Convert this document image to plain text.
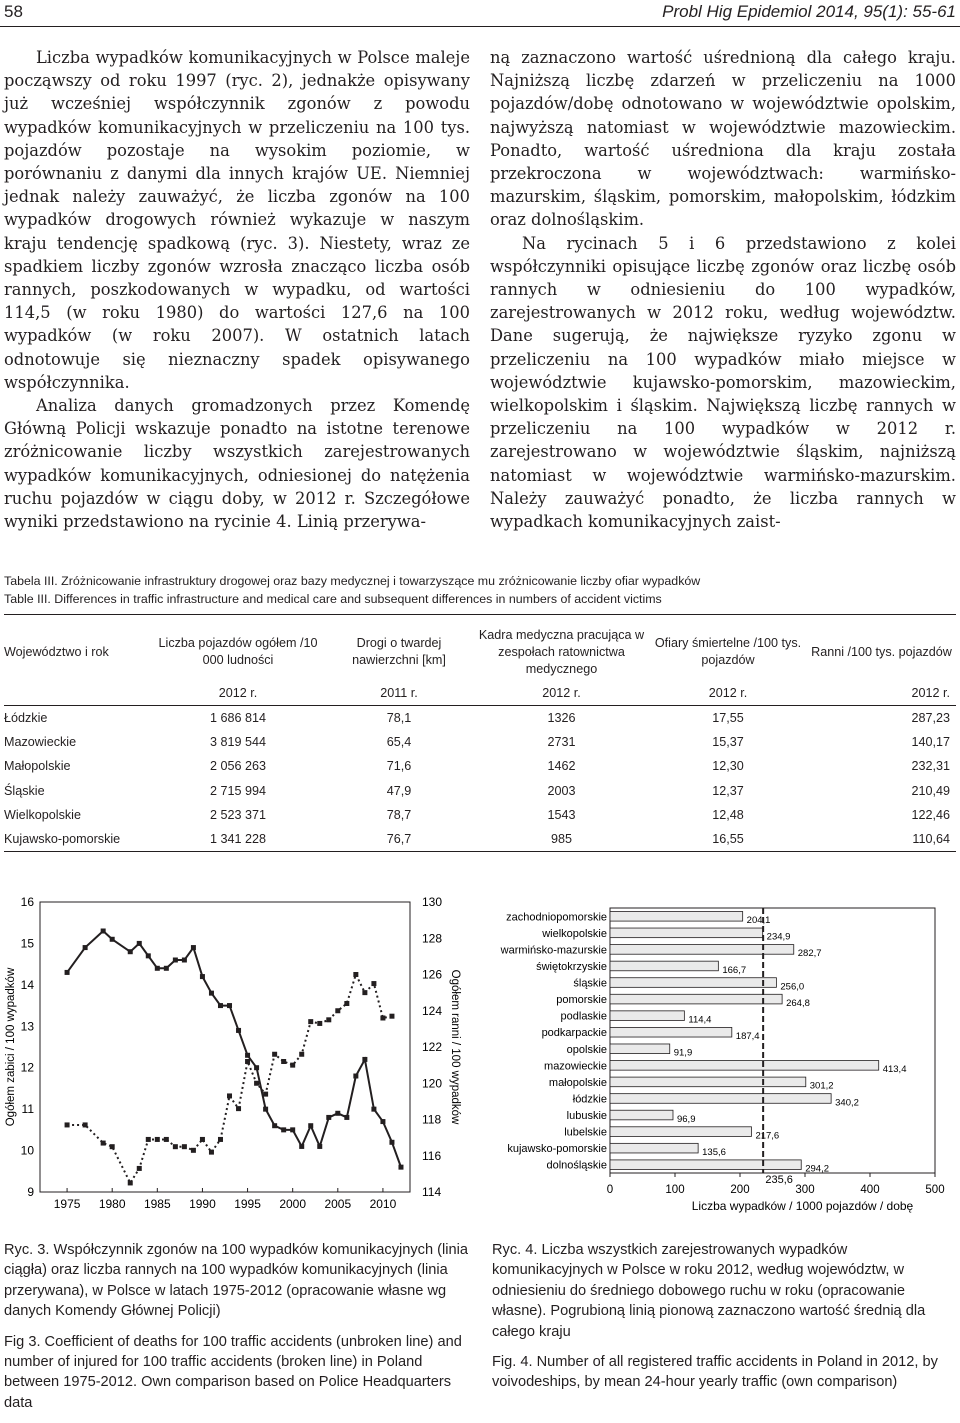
58	Probl Hig Epidemiol 2014, 95(1): 55-61

Liczba wypadków komunikacyjnych w Polsce maleje począwszy od roku 1997 (ryc. 2), jednakże opisywany już wcześniej współczynnik zgonów z powodu wypadków komunikacyjnych w przeliczeniu na 100 tys. pojazdów pozostaje na wysokim poziomie, w porównaniu z danymi dla innych krajów UE. Niemniej jednak należy zauważyć, że liczba zgonów na 100 wypadków drogowych również wykazuje w naszym kraju tendencję spadkową (ryc. 3). Niestety, wraz ze spadkiem liczby zgonów wzrosła znacząco liczba osób rannych, poszkodowanych w wypadku, od wartości 114,5 (w roku 1980) do wartości 127,6 na 100 wypadków (w roku 2007). W ostatnich latach odnotowuje się nieznaczny spadek opisywanego współczynnika.

Analiza danych gromadzonych przez Komendę Główną Policji wskazuje ponadto na istotne terenowe zróżnicowanie liczby wszystkich zarejestrowanych wypadków komunikacyjnych, odniesionej do natężenia ruchu pojazdów w ciągu doby, w 2012 r. Szczegółowe wyniki przedstawiono na rycinie 4. Linią przerywa-

ną zaznaczono wartość uśrednioną dla całego kraju. Najniższą liczbę zdarzeń w przeliczeniu na 1000 pojazdów/dobę odnotowano w województwie opolskim, najwyższą natomiast w województwie mazowieckim. Ponadto, wartość uśredniona dla kraju została przekroczona w województwach: warmińsko-mazurskim, śląskim, pomorskim, małopolskim, łódzkim oraz dolnośląskim.

Na rycinach 5 i 6 przedstawiono z kolei współczynniki opisujące liczbę zgonów oraz liczbę osób rannych w odniesieniu do 100 wypadków, zarejestrowanych w 2012 roku, według województw. Dane sugerują, że największe ryzyko zgonu w przeliczeniu na 100 wypadków miało miejsce w województwie kujawsko-pomorskim, mazowieckim, wielkopolskim i śląskim. Największą liczbę rannych w przeliczeniu na 100 wypadków w 2012 r. zarejestrowano w województwie śląskim, najniższą natomiast w województwie warmińsko-mazurskim. Należy zauważyć ponadto, że liczba rannych w wypadkach komunikacyjnych zaist-

Tabela III. Zróżnicowanie infrastruktury drogowej oraz bazy medycznej i towarzyszące mu zróżnicowanie liczby ofiar wypadków
Table III. Differences in traffic infrastructure and medical care and subsequent differences in numbers of accident victims
Województwo i rok	Liczba pojazdów ogółem /10 000 ludności	Drogi o twardej nawierzchni [km]	Kadra medyczna pracująca w zespołach ratownictwa medycznego	Ofiary śmiertelne /100 tys. pojazdów	Ranni /100 tys. pojazdów
	2012 r.	2011 r.	2012 r.	2012 r.	2012 r.
Łódzkie	1 686 814	78,1	1326	17,55	287,23
Mazowieckie	3 819 544	65,4	2731	15,37	140,17
Małopolskie	2 056 263	71,6	1462	12,30	232,31
Śląskie	2 715 994	47,9	2003	12,37	210,49
Wielkopolskie	2 523 371	78,7	1543	12,48	122,46
Kujawsko-pomorskie	1 341 228	76,7	985	16,55	110,64
9
10
11
12
13
14
15
16
114
116
118
120
122
124
126
128
130
1975 1980 1985 1990 1995 2000 2005 2010
Ogółem zabici / 100 wypadków	Ogółem ranni / 100 wypadków
zachodniopomorskie	204,1
wielkopolskie	234,9
warmińsko-mazurskie	282,7
świętokrzyskie	166,7
śląskie	256,0
pomorskie	264,8
podlaskie	114,4
podkarpackie	187,4
opolskie	91,9
mazowieckie	413,4
małopolskie	301,2
łódzkie	340,2
lubuskie	96,9
lubelskie	217,6
kujawsko-pomorskie	135,6
dolnośląskie	294,2
235,6
0	100	200	300	400	500
Liczba wypadków / 1000 pojazdów / dobę

Ryc. 3. Współczynnik zgonów na 100 wypadków komunikacyjnych (linia ciągła) oraz liczba rannych na 100 wypadków komunikacyjnych (linia przerywana), w Polsce w latach 1975-2012 (opracowanie własne wg danych Komendy Głównej Policji)

Fig 3. Coefficient of deaths for 100 traffic accidents (unbroken line) and number of injured for 100 traffic accidents (broken line) in Poland between 1975-2012. Own comparison based on Police Headquarters data

Ryc. 4. Liczba wszystkich zarejestrowanych wypadków komunikacyjnych w Polsce w roku 2012, według województw, w odniesieniu do średniego dobowego ruchu w roku (opracowanie własne). Pogrubioną linią pionową zaznaczono wartość średnią dla całego kraju

Fig. 4. Number of all registered traffic accidents in Poland in 2012, by voivodeships, by mean 24-hour yearly traffic (own comparison)
